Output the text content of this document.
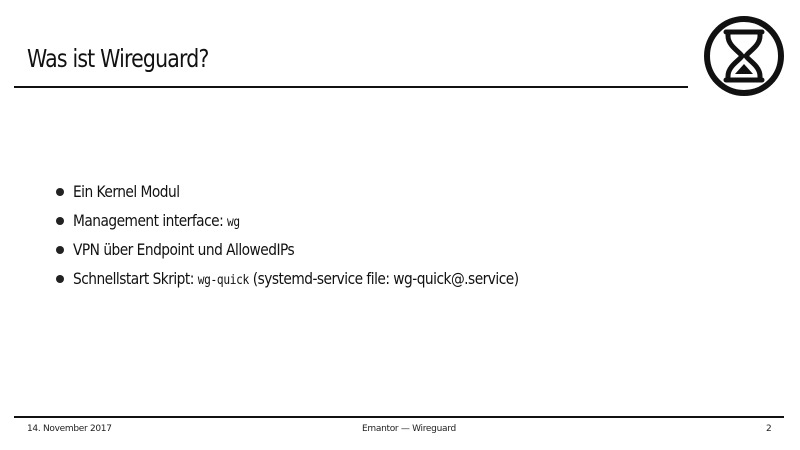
Was ist Wireguard?
Ein Kernel Modul
Management interface: wg
VPN über Endpoint und AllowedIPs
Schnellstart Skript: wg-quick (systemd-service file: wg-quick@.service)
14. November 2017	Emantor — Wireguard	2
